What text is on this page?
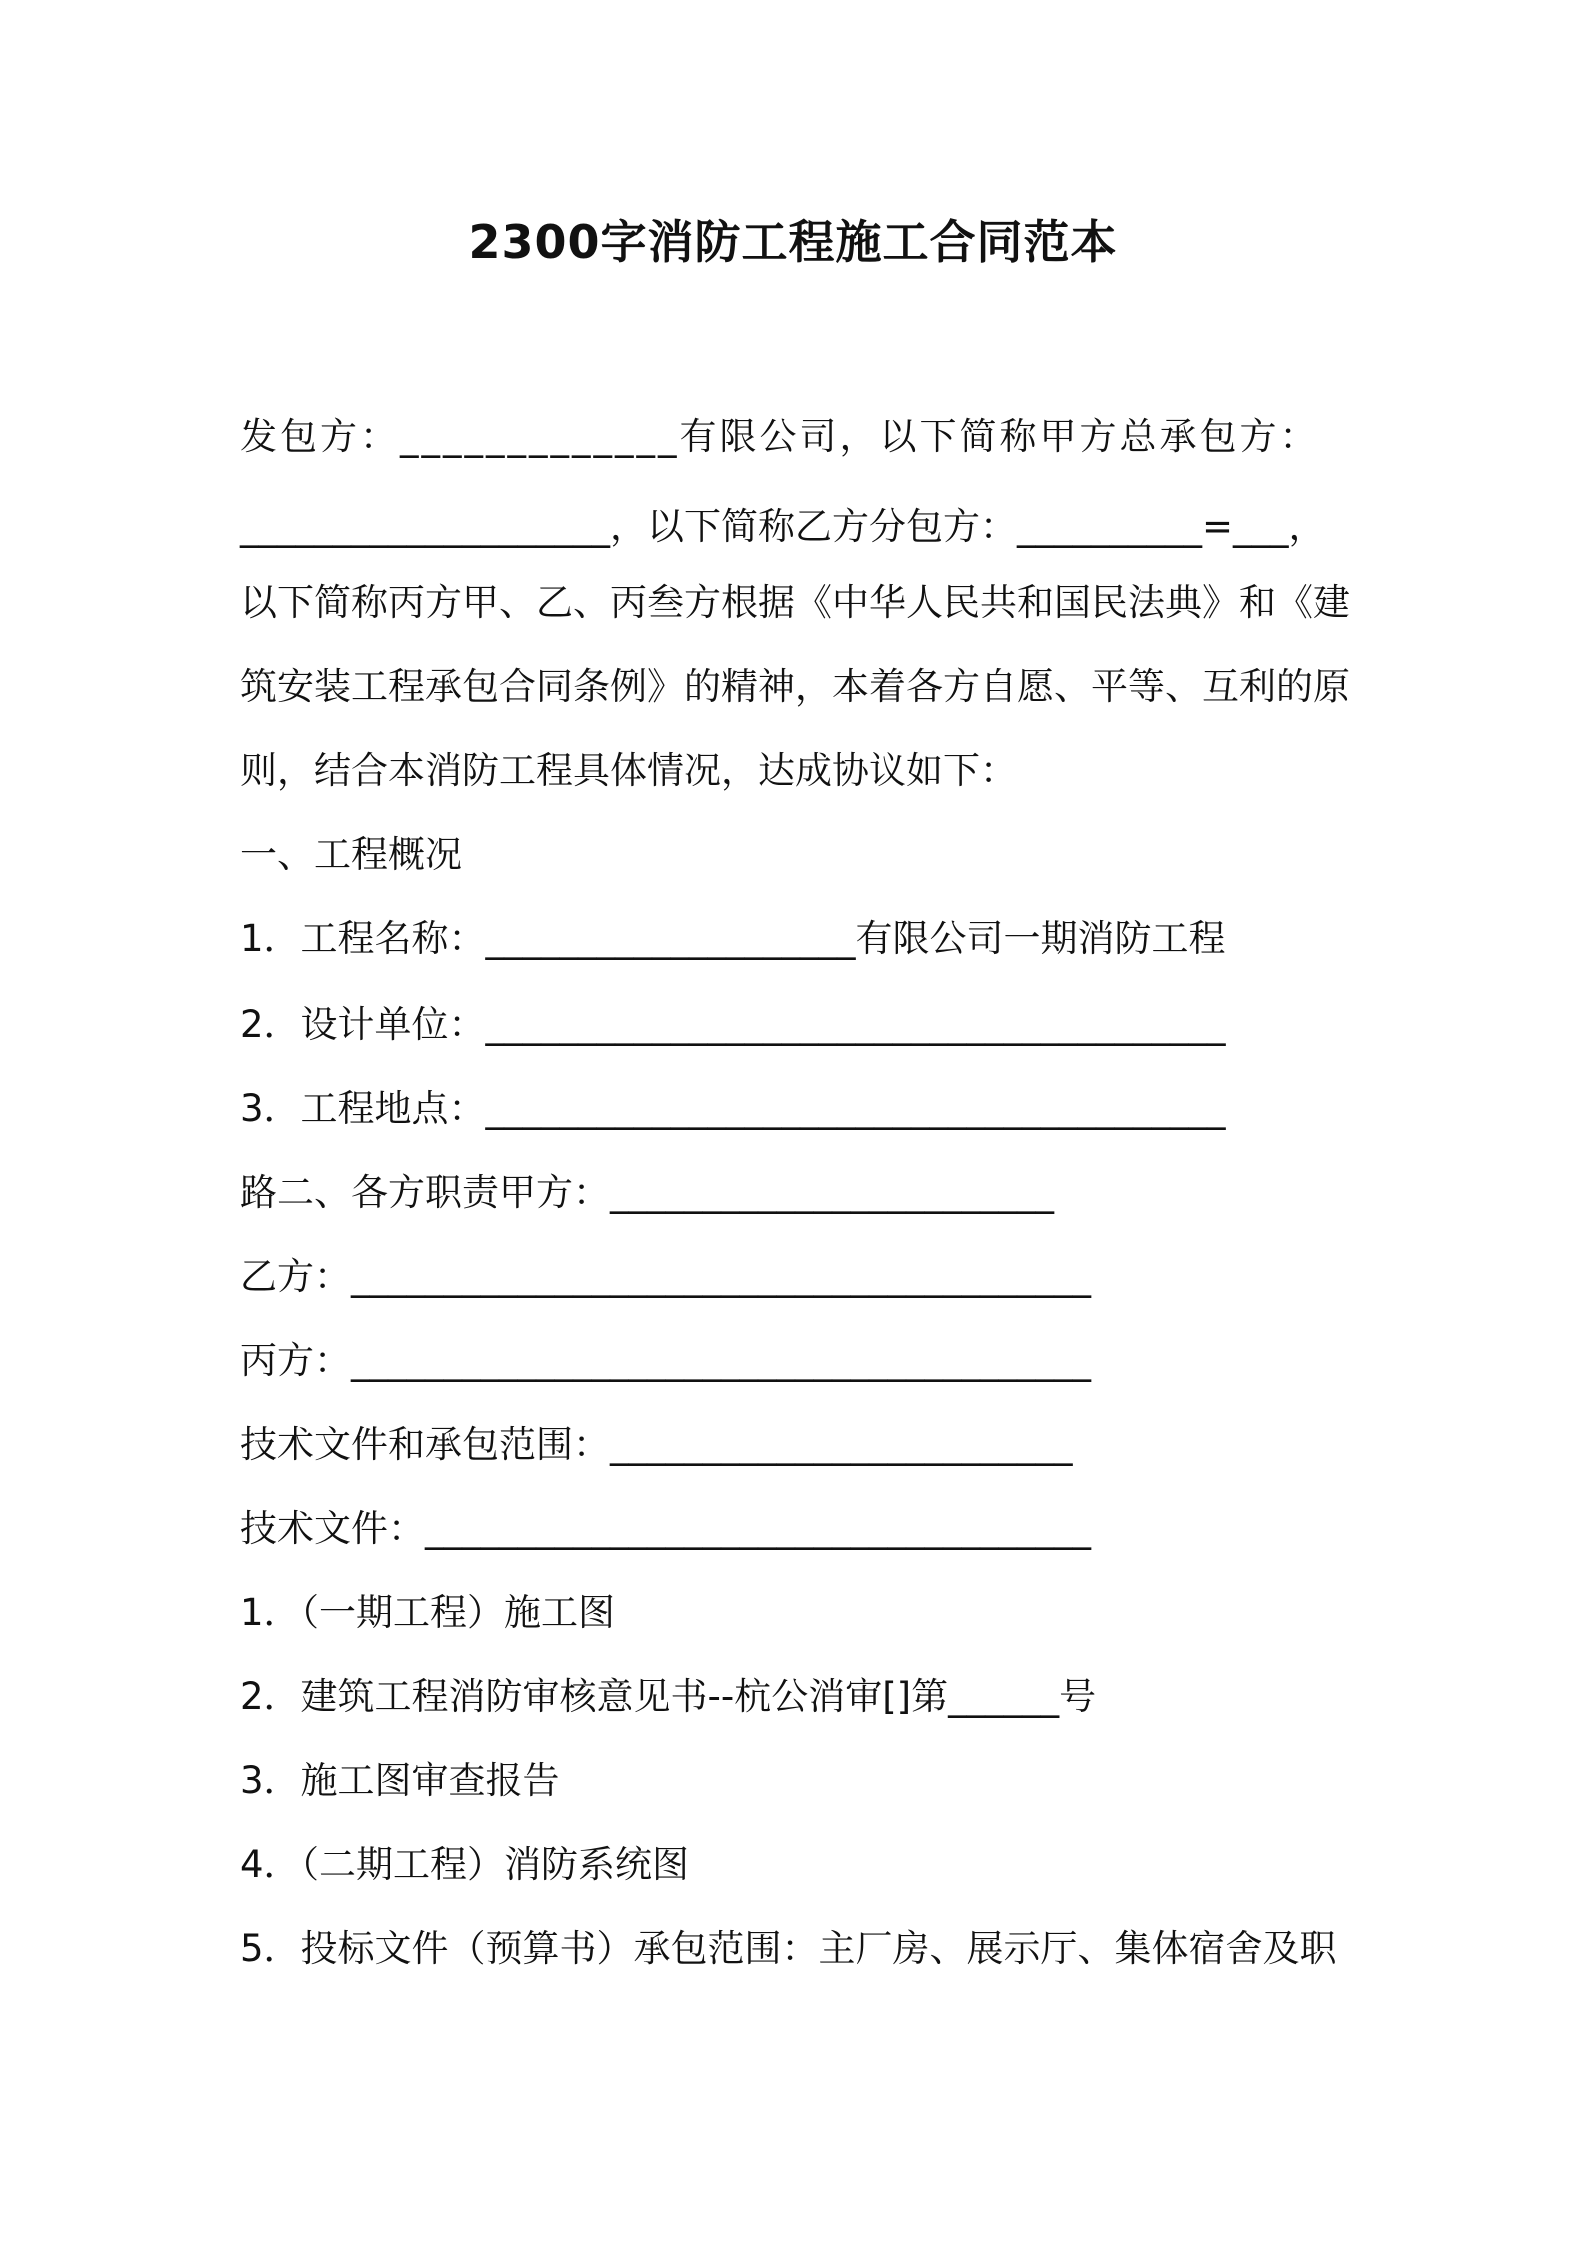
2300字消防工程施工合同范本
发包方：_____________有限公司，以下简称甲方总承包方：
____________________，以下简称乙方分包方：__________=___，
以下简称丙方甲、乙、丙叁方根据《中华人民共和国民法典》和《建
筑安装工程承包合同条例》的精神，本着各方自愿、平等、互利的原
则，结合本消防工程具体情况，达成协议如下：
一、工程概况
1．工程名称：____________________有限公司一期消防工程
2．设计单位：________________________________________
3．工程地点：________________________________________
路二、各方职责甲方：________________________
乙方：________________________________________
丙方：________________________________________
技术文件和承包范围：_________________________
技术文件：____________________________________
1．（一期工程）施工图
2．建筑工程消防审核意见书--杭公消审[]第______号
3．施工图审查报告
4．（二期工程）消防系统图
5．投标文件（预算书）承包范围：主厂房、展示厅、集体宿舍及职
